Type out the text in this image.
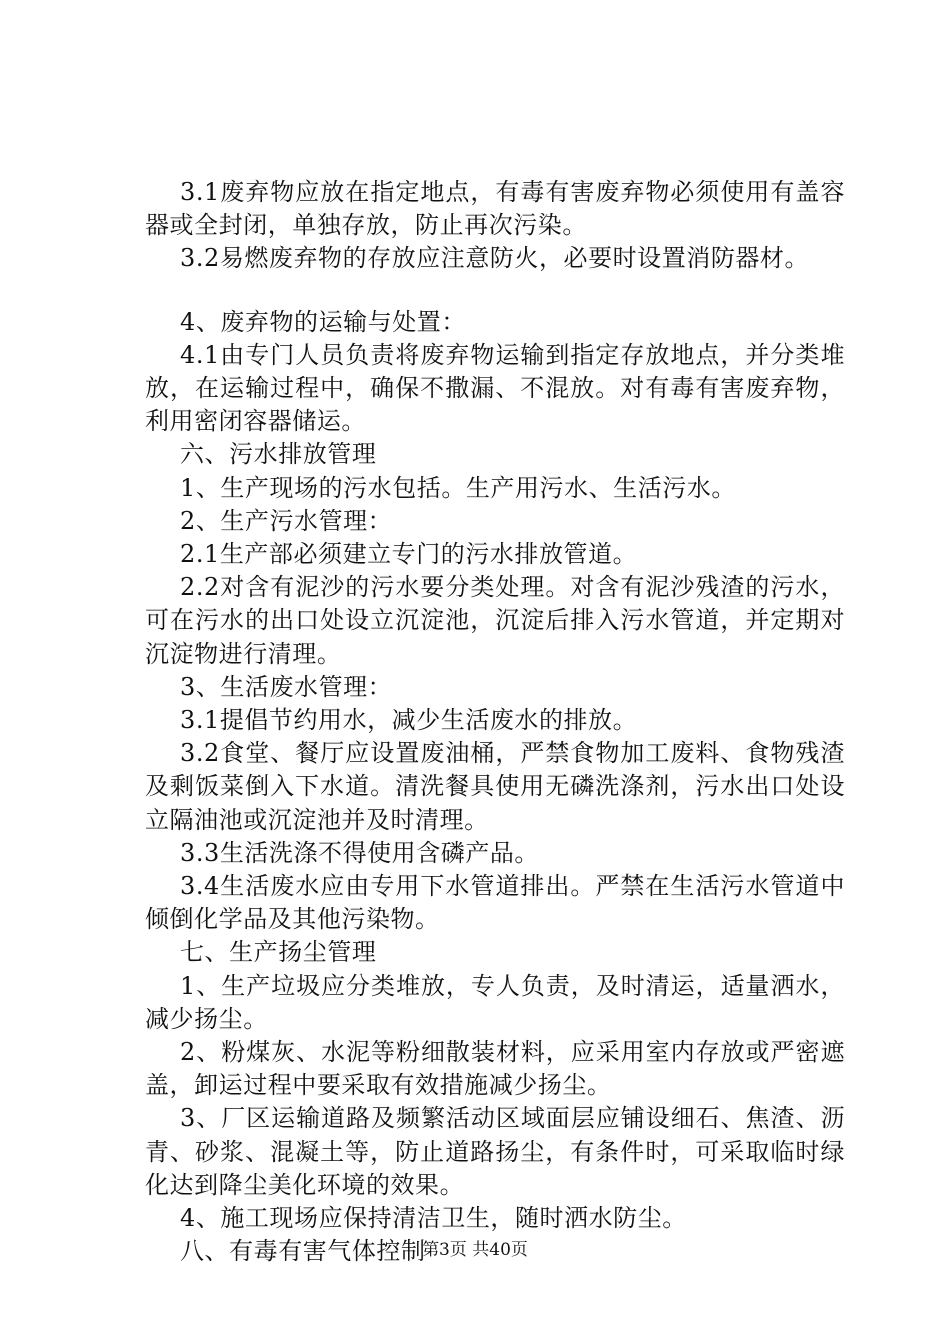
3.1废弃物应放在指定地点，有毒有害废弃物必须使用有盖容器或全封闭，单独存放，防止再次污染。

3.2易燃废弃物的存放应注意防火，必要时设置消防器材。

4、废弃物的运输与处置：

4.1由专门人员负责将废弃物运输到指定存放地点，并分类堆放，在运输过程中，确保不撒漏、不混放。对有毒有害废弃物，利用密闭容器储运。

六、污水排放管理

1、生产现场的污水包括。生产用污水、生活污水。

2、生产污水管理：

2.1生产部必须建立专门的污水排放管道。

2.2对含有泥沙的污水要分类处理。对含有泥沙残渣的污水，可在污水的出口处设立沉淀池，沉淀后排入污水管道，并定期对沉淀物进行清理。

3、生活废水管理：

3.1提倡节约用水，减少生活废水的排放。

3.2食堂、餐厅应设置废油桶，严禁食物加工废料、食物残渣及剩饭菜倒入下水道。清洗餐具使用无磷洗涤剂，污水出口处设立隔油池或沉淀池并及时清理。

3.3生活洗涤不得使用含磷产品。

3.4生活废水应由专用下水管道排出。严禁在生活污水管道中倾倒化学品及其他污染物。

七、生产扬尘管理

1、生产垃圾应分类堆放，专人负责，及时清运，适量洒水，减少扬尘。

2、粉煤灰、水泥等粉细散装材料，应采用室内存放或严密遮盖，卸运过程中要采取有效措施减少扬尘。

3、厂区运输道路及频繁活动区域面层应铺设细石、焦渣、沥青、砂浆、混凝土等，防止道路扬尘，有条件时，可采取临时绿化达到降尘美化环境的效果。

4、施工现场应保持清洁卫生，随时洒水防尘。

八、有毒有害气体控制

第3页 共40页
